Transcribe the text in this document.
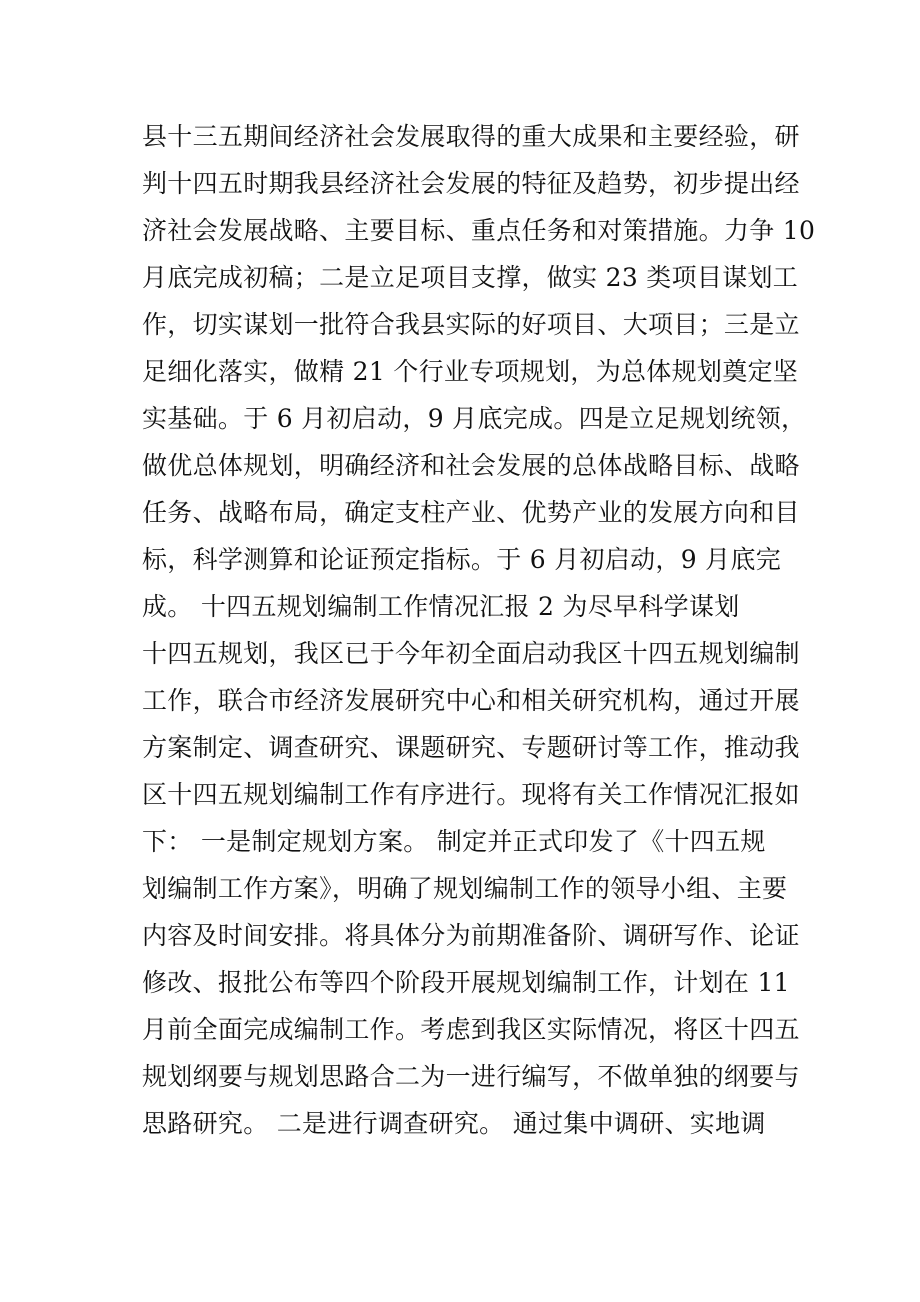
县十三五期间经济社会发展取得的重大成果和主要经验，研
判十四五时期我县经济社会发展的特征及趋势，初步提出经
济社会发展战略、主要目标、重点任务和对策措施。力争 10
月底完成初稿；二是立足项目支撑，做实 23 类项目谋划工
作，切实谋划一批符合我县实际的好项目、大项目；三是立
足细化落实，做精 21 个行业专项规划，为总体规划奠定坚
实基础。于 6 月初启动，9 月底完成。四是立足规划统领，
做优总体规划，明确经济和社会发展的总体战略目标、战略
任务、战略布局，确定支柱产业、优势产业的发展方向和目
标，科学测算和论证预定指标。于 6 月初启动，9 月底完
成。 十四五规划编制工作情况汇报 2 为尽早科学谋划
十四五规划，我区已于今年初全面启动我区十四五规划编制
工作，联合市经济发展研究中心和相关研究机构，通过开展
方案制定、调查研究、课题研究、专题研讨等工作，推动我
区十四五规划编制工作有序进行。现将有关工作情况汇报如
下： 一是制定规划方案。 制定并正式印发了《十四五规
划编制工作方案》，明确了规划编制工作的领导小组、主要
内容及时间安排。将具体分为前期准备阶、调研写作、论证
修改、报批公布等四个阶段开展规划编制工作，计划在 11
月前全面完成编制工作。考虑到我区实际情况，将区十四五
规划纲要与规划思路合二为一进行编写，不做单独的纲要与
思路研究。 二是进行调查研究。 通过集中调研、实地调
